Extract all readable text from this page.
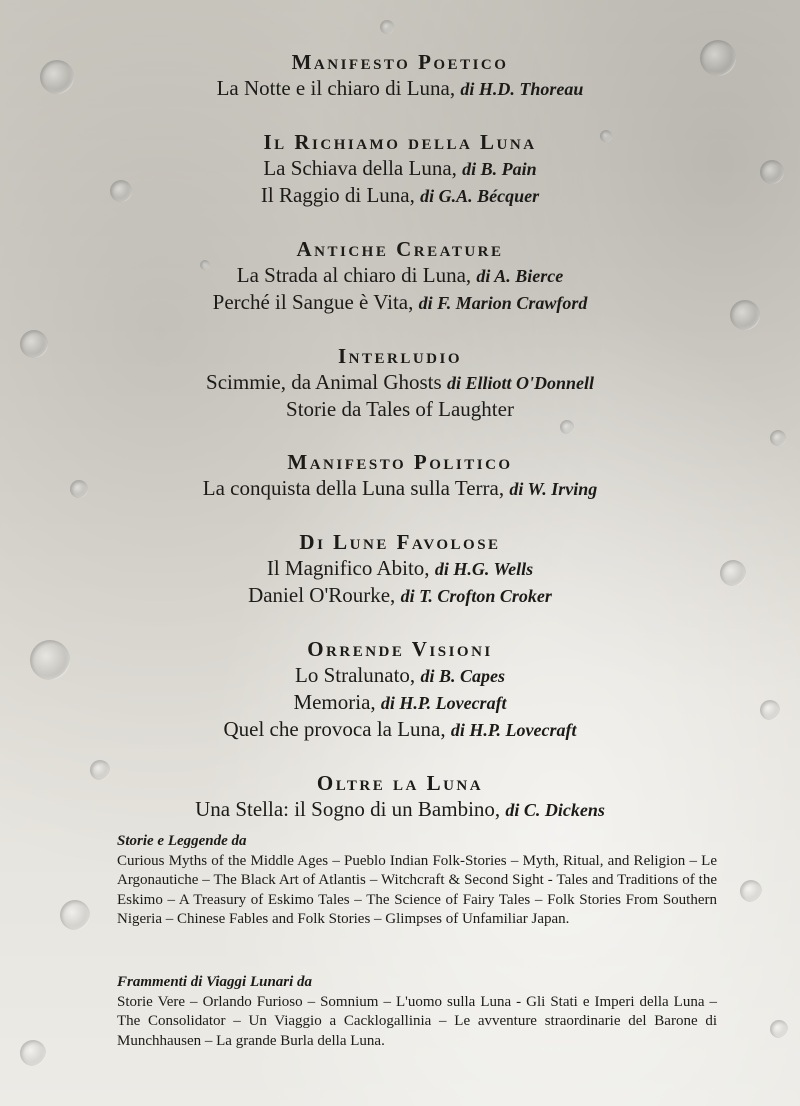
Manifesto Poetico
La Notte e il chiaro di Luna, di H.D. Thoreau
Il Richiamo della Luna
La Schiava della Luna, di B. Pain
Il Raggio di Luna, di G.A. Bécquer
Antiche Creature
La Strada al chiaro di Luna, di A. Bierce
Perché il Sangue è Vita, di F. Marion Crawford
Interludio
Scimmie, da Animal Ghosts di Elliott O'Donnell
Storie da Tales of Laughter
Manifesto Politico
La conquista della Luna sulla Terra, di W. Irving
Di Lune Favolose
Il Magnifico Abito, di H.G. Wells
Daniel O'Rourke, di T. Crofton Croker
Orrende Visioni
Lo Stralunato, di B. Capes
Memoria, di H.P. Lovecraft
Quel che provoca la Luna, di H.P. Lovecraft
Oltre la Luna
Una Stella: il Sogno di un Bambino, di C. Dickens
Storie e Leggende da
Curious Myths of the Middle Ages – Pueblo Indian Folk-Stories – Myth, Ritual, and Religion – Le Argonautiche – The Black Art of Atlantis – Witchcraft & Second Sight - Tales and Traditions of the Eskimo – A Treasury of Eskimo Tales – The Science of Fairy Tales – Folk Stories From Southern Nigeria – Chinese Fables and Folk Stories – Glimpses of Unfamiliar Japan.
Frammenti di Viaggi Lunari da
Storie Vere – Orlando Furioso – Somnium – L'uomo sulla Luna - Gli Stati e Imperi della Luna – The Consolidator – Un Viaggio a Cacklogallinia – Le avventure straordinarie del Barone di Munchhausen – La grande Burla della Luna.
